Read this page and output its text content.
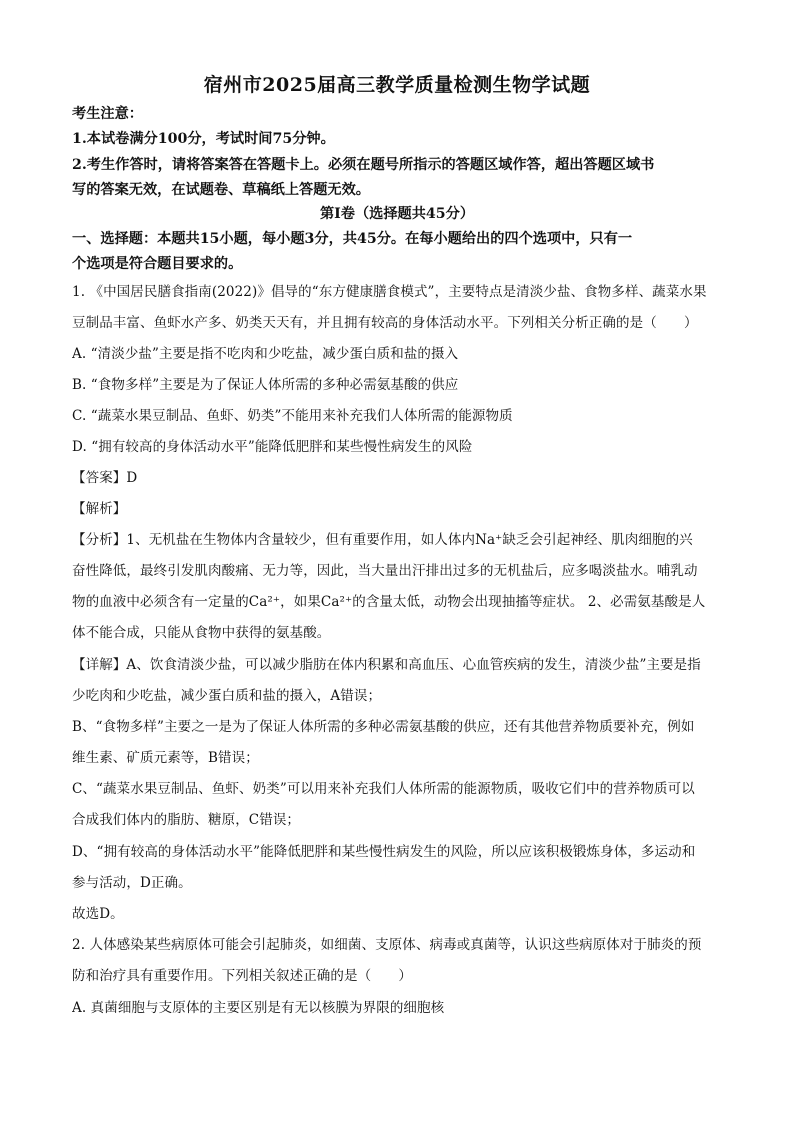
宿州市2025届高三教学质量检测生物学试题
考生注意：
1.本试卷满分100分，考试时间75分钟。
2.考生作答时，请将答案答在答题卡上。必须在题号所指示的答题区域作答，超出答题区域书
写的答案无效，在试题卷、草稿纸上答题无效。
第Ⅰ卷（选择题共45分）
一、选择题：本题共15小题，每小题3分，共45分。在每小题给出的四个选项中，只有一
个选项是符合题目要求的。
1. 《中国居民膳食指南(2022)》倡导的“东方健康膳食模式”，主要特点是清淡少盐、食物多样、蔬菜水果
豆制品丰富、鱼虾水产多、奶类天天有，并且拥有较高的身体活动水平。下列相关分析正确的是（　　）
A. “清淡少盐”主要是指不吃肉和少吃盐，减少蛋白质和盐的摄入
B. “食物多样”主要是为了保证人体所需的多种必需氨基酸的供应
C. “蔬菜水果豆制品、鱼虾、奶类”不能用来补充我们人体所需的能源物质
D. “拥有较高的身体活动水平”能降低肥胖和某些慢性病发生的风险
【答案】D
【解析】
【分析】1、无机盐在生物体内含量较少，但有重要作用，如人体内Na⁺缺乏会引起神经、肌肉细胞的兴
奋性降低，最终引发肌肉酸痛、无力等，因此，当大量出汗排出过多的无机盐后，应多喝淡盐水。哺乳动
物的血液中必须含有一定量的Ca²⁺，如果Ca²⁺的含量太低，动物会出现抽搐等症状。 2、必需氨基酸是人
体不能合成，只能从食物中获得的氨基酸。
【详解】A、饮食清淡少盐，可以减少脂肪在体内积累和高血压、心血管疾病的发生，清淡少盐”主要是指
少吃肉和少吃盐，减少蛋白质和盐的摄入，A错误；
B、“食物多样”主要之一是为了保证人体所需的多种必需氨基酸的供应，还有其他营养物质要补充，例如
维生素、矿质元素等，B错误；
C、“蔬菜水果豆制品、鱼虾、奶类”可以用来补充我们人体所需的能源物质，吸收它们中的营养物质可以
合成我们体内的脂肪、糖原，C错误；
D、“拥有较高的身体活动水平”能降低肥胖和某些慢性病发生的风险，所以应该积极锻炼身体，多运动和
参与活动，D正确。
故选D。
2. 人体感染某些病原体可能会引起肺炎，如细菌、支原体、病毒或真菌等，认识这些病原体对于肺炎的预
防和治疗具有重要作用。下列相关叙述正确的是（　　）
A. 真菌细胞与支原体的主要区别是有无以核膜为界限的细胞核
